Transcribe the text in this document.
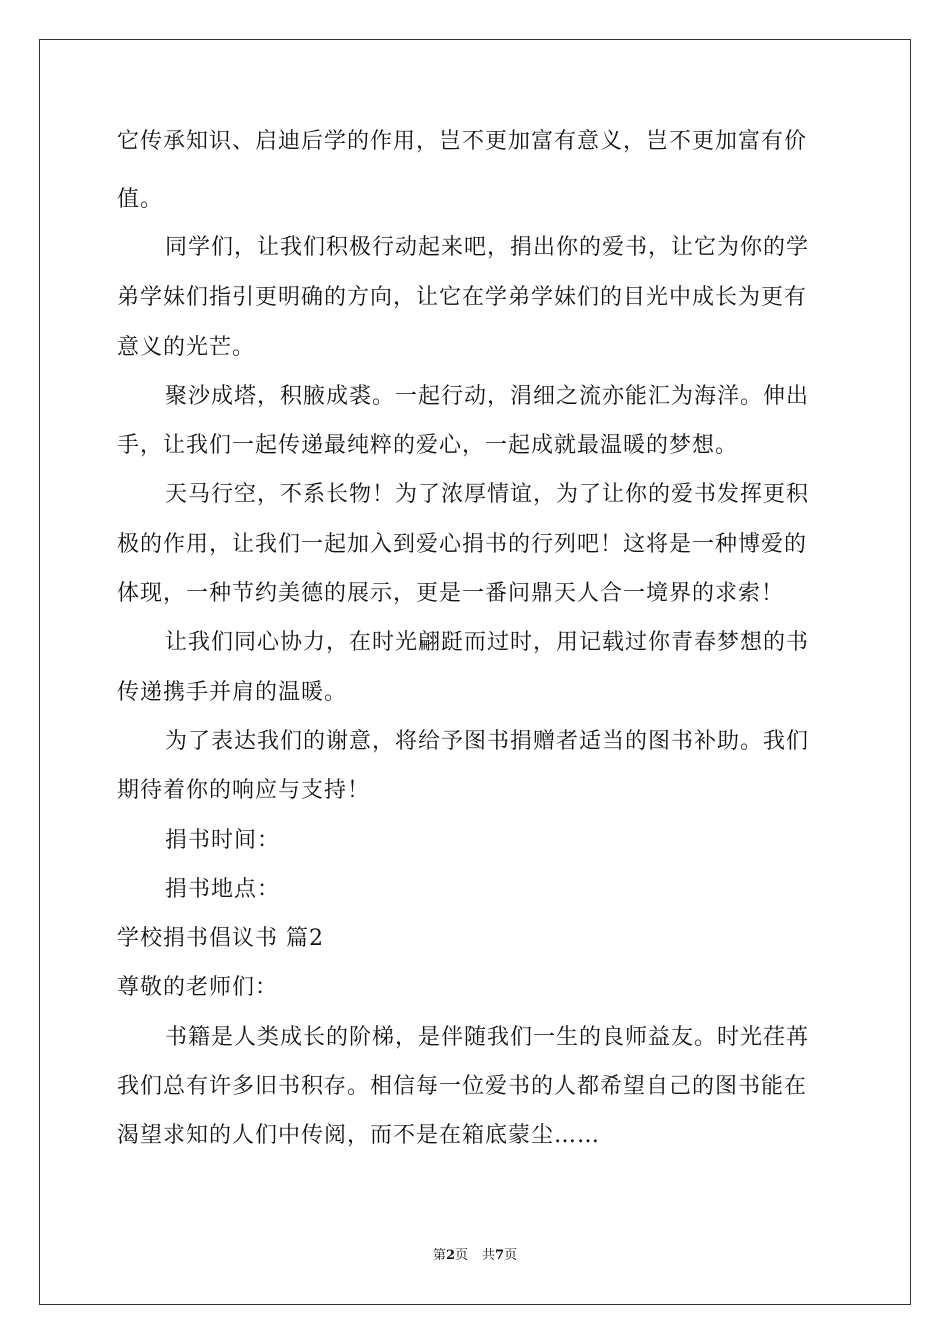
它传承知识、启迪后学的作用，岂不更加富有意义，岂不更加富有价
值。
同学们，让我们积极行动起来吧，捐出你的爱书，让它为你的学
弟学妹们指引更明确的方向，让它在学弟学妹们的目光中成长为更有
意义的光芒。
聚沙成塔，积腋成裘。一起行动，涓细之流亦能汇为海洋。伸出
手，让我们一起传递最纯粹的爱心，一起成就最温暖的梦想。
天马行空，不系长物！为了浓厚情谊，为了让你的爱书发挥更积
极的作用，让我们一起加入到爱心捐书的行列吧！这将是一种博爱的
体现，一种节约美德的展示，更是一番问鼎天人合一境界的求索！
让我们同心协力，在时光翩跹而过时，用记载过你青春梦想的书
传递携手并肩的温暖。
为了表达我们的谢意，将给予图书捐赠者适当的图书补助。我们
期待着你的响应与支持！
捐书时间：
捐书地点：
学校捐书倡议书 篇2
尊敬的老师们：
书籍是人类成长的阶梯，是伴随我们一生的良师益友。时光荏苒
我们总有许多旧书积存。相信每一位爱书的人都希望自己的图书能在
渴望求知的人们中传阅，而不是在箱底蒙尘……
第2页 共7页
